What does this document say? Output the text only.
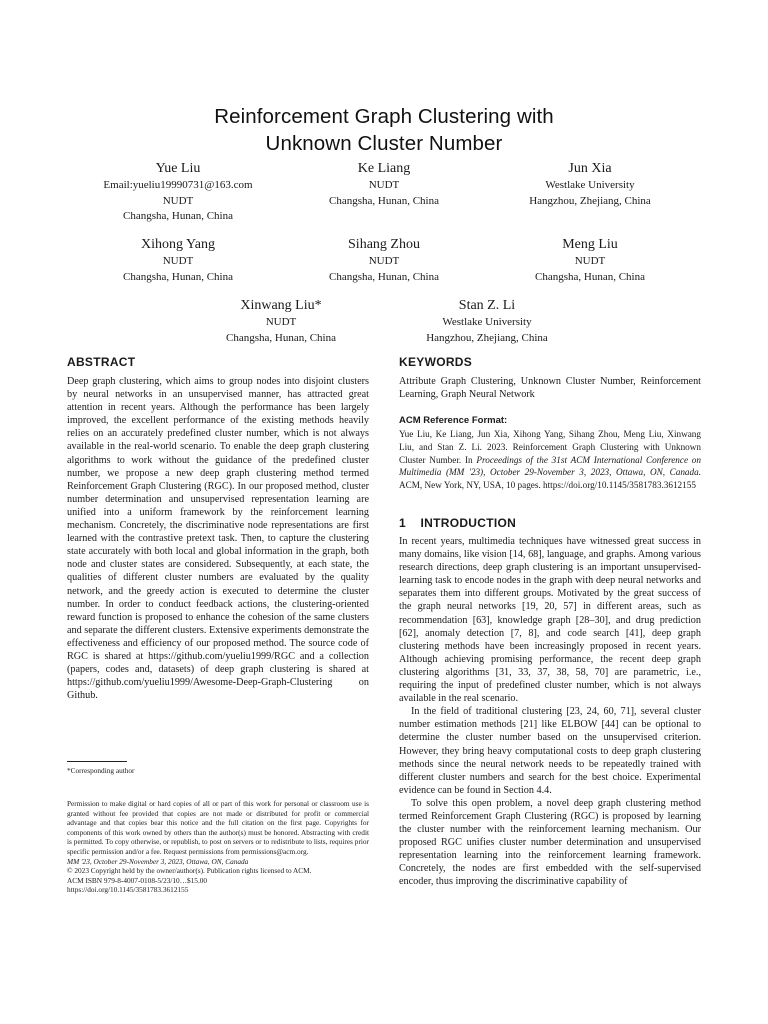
Reinforcement Graph Clustering with
Unknown Cluster Number
Yue Liu
Email:yueliu19990731@163.com
NUDT
Changsha, Hunan, China
Ke Liang
NUDT
Changsha, Hunan, China
Jun Xia
Westlake University
Hangzhou, Zhejiang, China
Xihong Yang
NUDT
Changsha, Hunan, China
Sihang Zhou
NUDT
Changsha, Hunan, China
Meng Liu
NUDT
Changsha, Hunan, China
Xinwang Liu*
NUDT
Changsha, Hunan, China
Stan Z. Li
Westlake University
Hangzhou, Zhejiang, China
ABSTRACT

Deep graph clustering, which aims to group nodes into disjoint clusters by neural networks in an unsupervised manner, has attracted great attention in recent years. Although the performance has been largely improved, the excellent performance of the existing methods heavily relies on an accurately predefined cluster number, which is not always available in the real-world scenario. To enable the deep graph clustering algorithms to work without the guidance of the predefined cluster number, we propose a new deep graph clustering method termed Reinforcement Graph Clustering (RGC). In our proposed method, cluster number determination and unsupervised representation learning are unified into a uniform framework by the reinforcement learning mechanism. Concretely, the discriminative node representations are first learned with the contrastive pretext task. Then, to capture the clustering state accurately with both local and global information in the graph, both node and cluster states are considered. Subsequently, at each state, the qualities of different cluster numbers are evaluated by the quality network, and the greedy action is executed to determine the cluster number. In order to conduct feedback actions, the clustering-oriented reward function is proposed to enhance the cohesion of the same clusters and separate the different clusters. Extensive experiments demonstrate the effectiveness and efficiency of our proposed method. The source code of RGC is shared at https://github.com/yueliu1999/RGC and a collection (papers, codes and, datasets) of deep graph clustering is shared at https://github.com/yueliu1999/Awesome-Deep-Graph-Clustering on Github.

*Corresponding author
Permission to make digital or hard copies of all or part of this work for personal or classroom use is granted without fee provided that copies are not made or distributed for profit or commercial advantage and that copies bear this notice and the full citation on the first page. Copyrights for components of this work owned by others than the author(s) must be honored. Abstracting with credit is permitted. To copy otherwise, or republish, to post on servers or to redistribute to lists, requires prior specific permission and/or a fee. Request permissions from permissions@acm.org.
MM '23, October 29-November 3, 2023, Ottawa, ON, Canada
© 2023 Copyright held by the owner/author(s). Publication rights licensed to ACM.
ACM ISBN 979-8-4007-0108-5/23/10…$15.00
https://doi.org/10.1145/3581783.3612155
KEYWORDS

Attribute Graph Clustering, Unknown Cluster Number, Reinforcement Learning, Graph Neural Network

ACM Reference Format:

Yue Liu, Ke Liang, Jun Xia, Xihong Yang, Sihang Zhou, Meng Liu, Xinwang Liu, and Stan Z. Li. 2023. Reinforcement Graph Clustering with Unknown Cluster Number. In Proceedings of the 31st ACM International Conference on Multimedia (MM '23), October 29-November 3, 2023, Ottawa, ON, Canada. ACM, New York, NY, USA, 10 pages. https://doi.org/10.1145/3581783.3612155

1    INTRODUCTION

In recent years, multimedia techniques have witnessed great success in many domains, like vision [14, 68], language, and graphs. Among various research directions, deep graph clustering is an important unsupervised-learning task to encode nodes in the graph with deep neural networks and separates them into different groups. Motivated by the great success of the graph neural networks [19, 20, 57] in different areas, such as recommendation [63], knowledge graph [28–30], and drug prediction [62], anomaly detection [7, 8], and code search [41], deep graph clustering methods have been increasingly proposed in recent years. Although achieving promising performance, the recent deep graph clustering algorithms [31, 33, 37, 38, 58, 70] are parametric, i.e., requiring the input of predefined cluster number, which is not always available in the real scenario.

In the field of traditional clustering [23, 24, 60, 71], several cluster number estimation methods [21] like ELBOW [44] can be optional to determine the cluster number based on the unsupervised criterion. However, they bring heavy computational costs to deep graph clustering methods since the neural network needs to be repeatedly trained with different cluster numbers and search for the best choice. Experimental evidence can be found in Section 4.4.

To solve this open problem, a novel deep graph clustering method termed Reinforcement Graph Clustering (RGC) is proposed by learning the cluster number with the reinforcement learning mechanism. Our proposed RGC unifies cluster number determination and unsupervised representation learning into the reinforcement learning framework. Concretely, the nodes are first embedded with the self-supervised encoder, thus improving the discriminative capability of
